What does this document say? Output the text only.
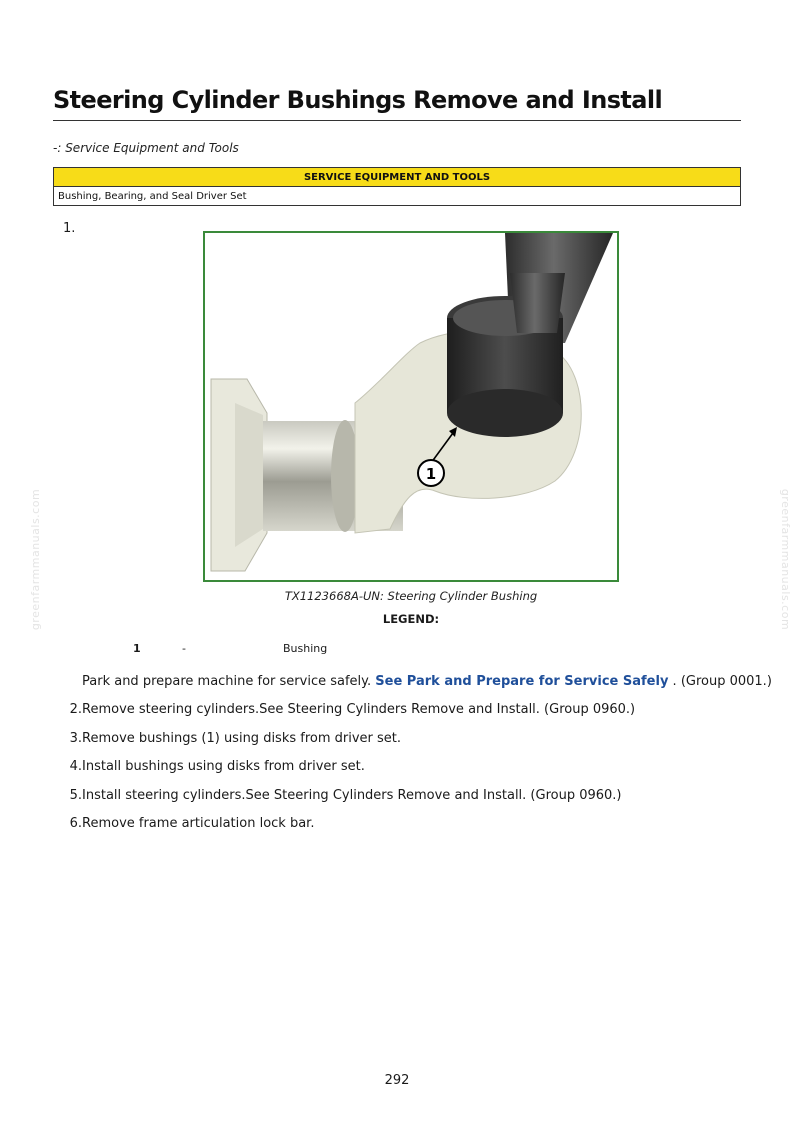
greenfarmmanuals.com	greenfarmmanuals.com
Steering Cylinder Bushings Remove and Install
-: Service Equipment and Tools
SERVICE EQUIPMENT AND TOOLS
Bushing, Bearing, and Seal Driver Set
1.
1
TX1123668A-UN: Steering Cylinder Bushing
LEGEND:
1	-	Bushing
Park and prepare machine for service safely. See Park and Prepare for Service Safely . (Group 0001.)
2. Remove steering cylinders.See Steering Cylinders Remove and Install. (Group 0960.)
3. Remove bushings (1) using disks from driver set.
4. Install bushings using disks from driver set.
5. Install steering cylinders.See Steering Cylinders Remove and Install. (Group 0960.)
6. Remove frame articulation lock bar.
292
